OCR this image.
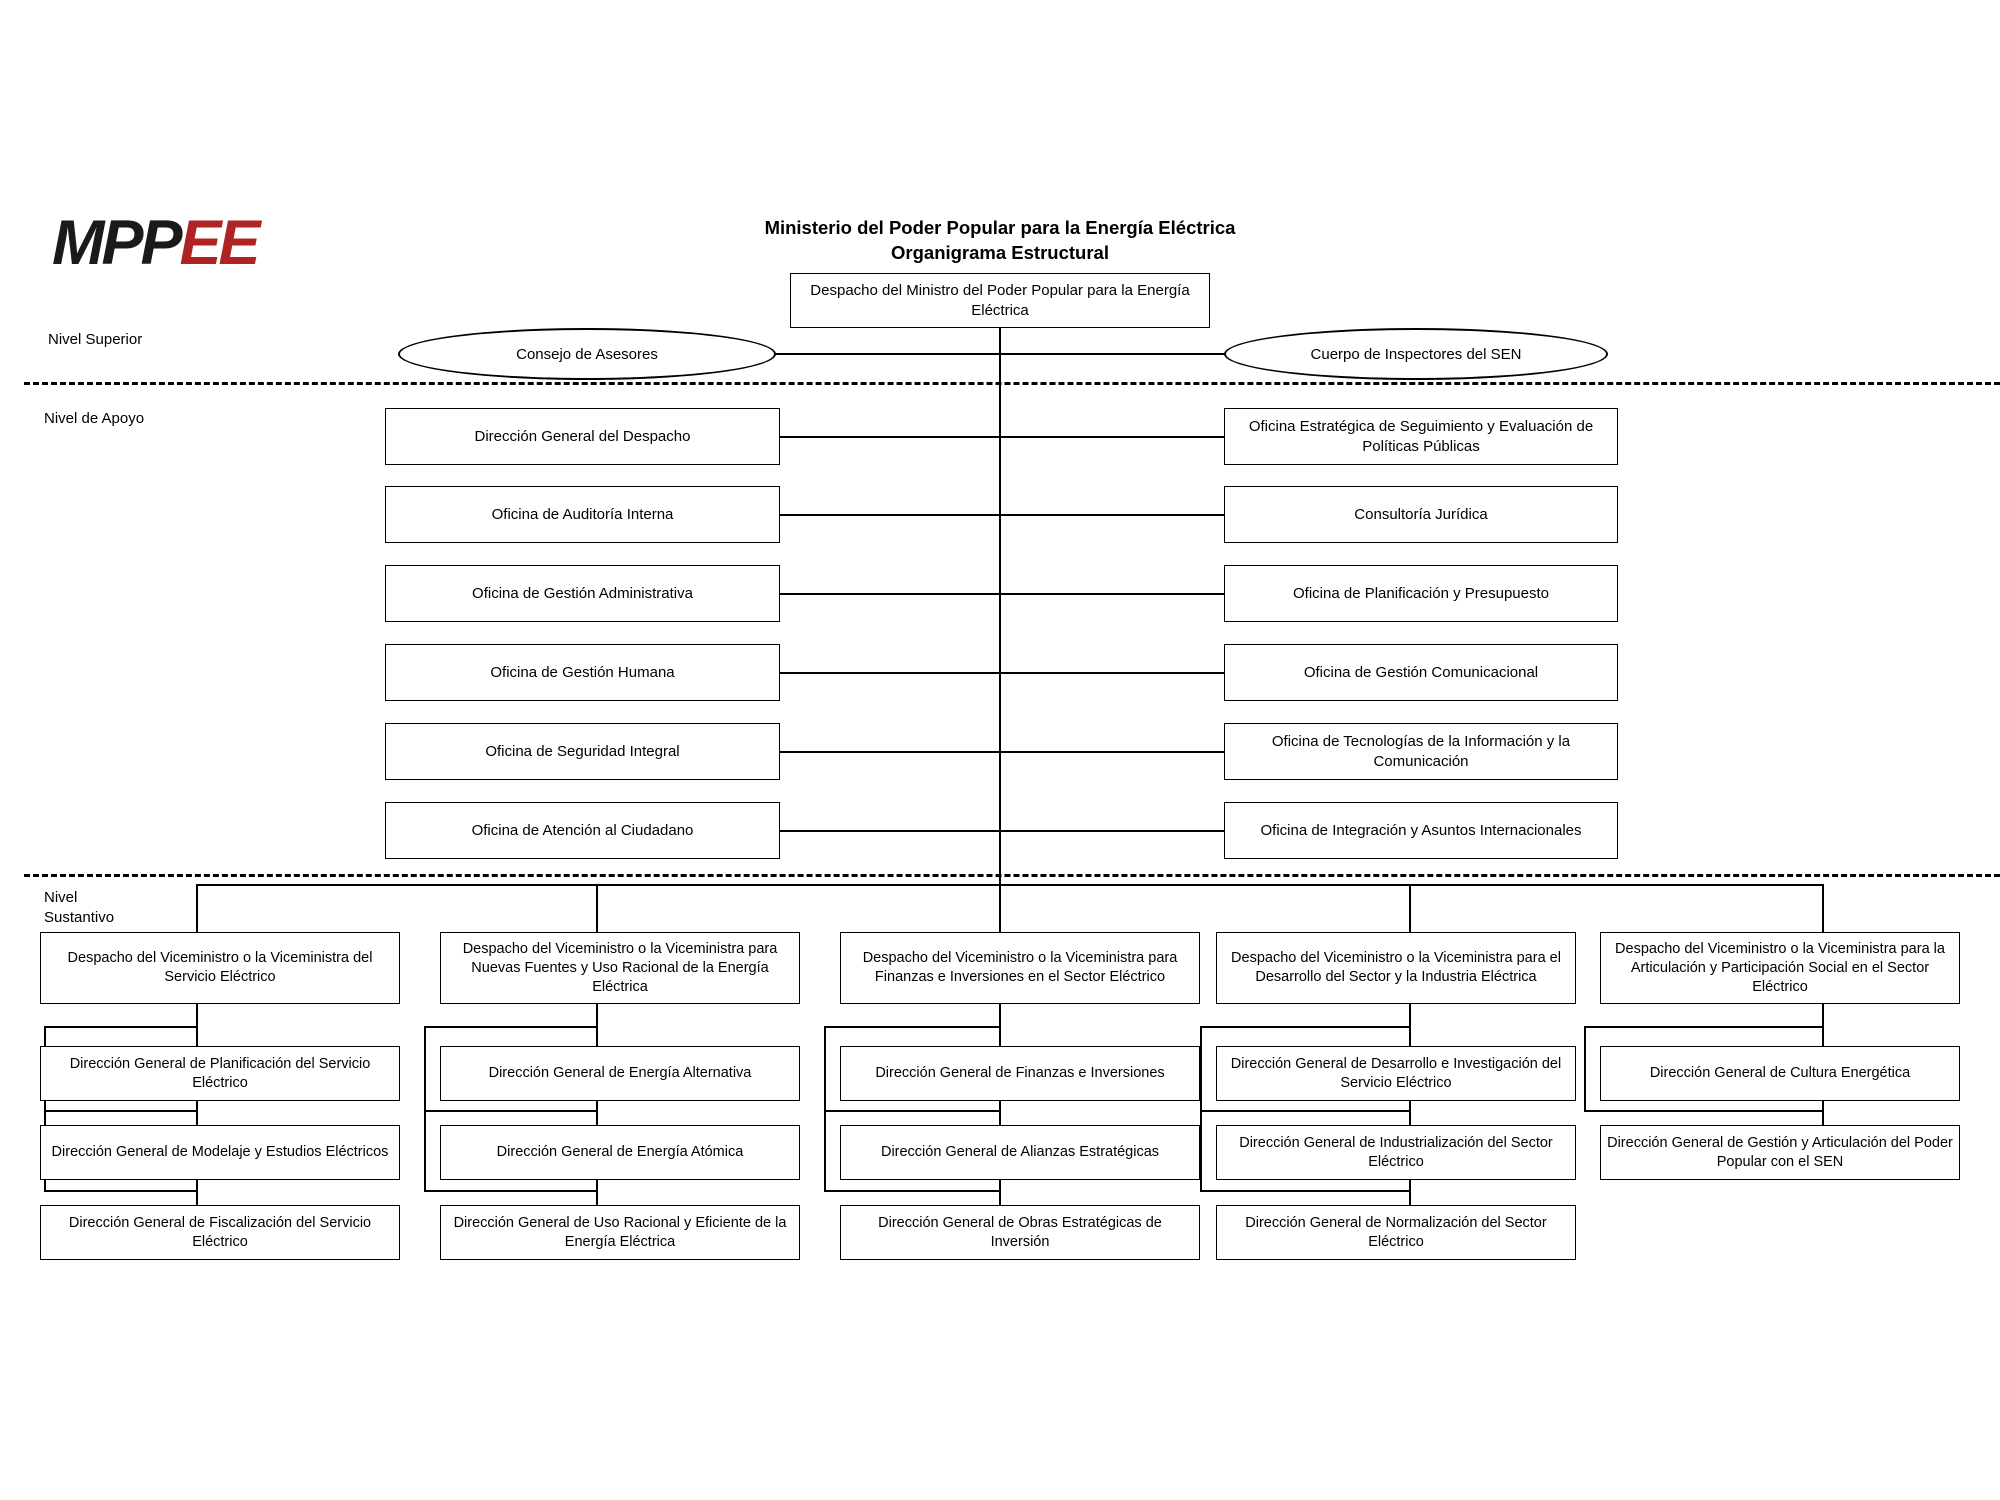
MPPEE	Ministerio del Poder Popular para la Energía Eléctrica
Organigrama Estructural
Nivel Superior
Nivel de Apoyo
Nivel
Sustantivo
Despacho del Ministro del Poder Popular para la Energía Eléctrica
Consejo de Asesores	Cuerpo de Inspectores del SEN
Dirección General del Despacho
Oficina de Auditoría Interna
Oficina de Gestión Administrativa
Oficina de Gestión Humana
Oficina de Seguridad Integral
Oficina de Atención al Ciudadano
Oficina Estratégica de Seguimiento y Evaluación de Políticas Públicas
Consultoría Jurídica
Oficina de Planificación y Presupuesto
Oficina de Gestión Comunicacional
Oficina de Tecnologías de la Información y la Comunicación
Oficina de Integración y Asuntos Internacionales
Despacho del Viceministro o la Viceministra del Servicio Eléctrico
Dirección General de Planificación del Servicio Eléctrico
Dirección General de Modelaje y Estudios Eléctricos
Dirección General de Fiscalización del Servicio Eléctrico
Despacho del Viceministro o la Viceministra para Nuevas Fuentes y Uso Racional de la Energía Eléctrica
Dirección General de Energía Alternativa
Dirección General de Energía Atómica
Dirección General de Uso Racional y Eficiente de la Energía Eléctrica
Despacho del Viceministro o la Viceministra para Finanzas e Inversiones en el Sector Eléctrico
Dirección General de Finanzas e Inversiones
Dirección General de Alianzas Estratégicas
Dirección General de Obras Estratégicas de Inversión
Despacho del Viceministro o la Viceministra para el Desarrollo del Sector y la Industria Eléctrica
Dirección General de Desarrollo e Investigación del Servicio Eléctrico
Dirección General de Industrialización del Sector Eléctrico
Dirección General de Normalización del Sector Eléctrico
Despacho del Viceministro o la Viceministra para la Articulación y Participación Social en el Sector Eléctrico
Dirección General de Cultura Energética
Dirección General de Gestión y Articulación del Poder Popular con el SEN
